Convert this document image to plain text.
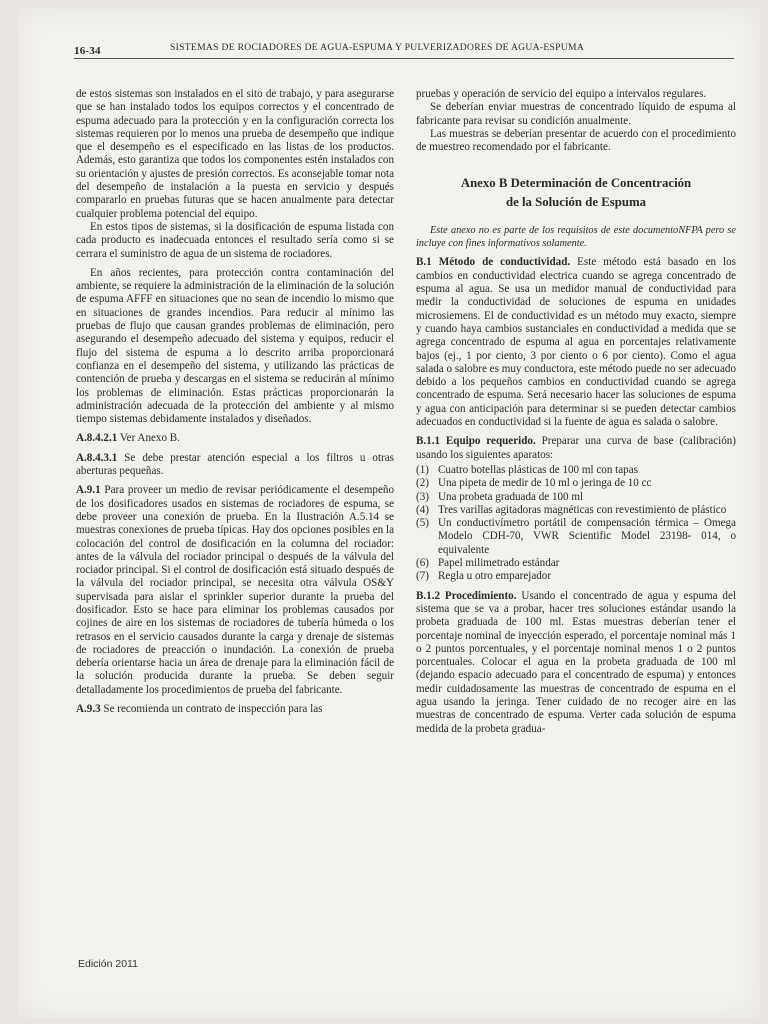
16-34	SISTEMAS DE ROCIADORES DE AGUA-ESPUMA Y PULVERIZADORES DE AGUA-ESPUMA

de estos sistemas son instalados en el sito de trabajo, y para asegurarse que se han instalado todos los equipos correctos y el concentrado de espuma adecuado para la protección y en la configuración correcta los sistemas requieren por lo menos una prueba de desempeño que indique que el desempeño es el especificado en las listas de los productos. Además, esto garantiza que todos los componentes estén instalados con su orientación y ajustes de presión correctos. Es aconsejable tomar nota del desempeño de instalación a la puesta en servicio y después compararlo en pruebas futuras que se hacen anualmente para detectar cualquier problema potencial del equipo.

En estos tipos de sistemas, si la dosificación de espuma listada con cada producto es inadecuada entonces el resultado sería como si se cerrara el suministro de agua de un sistema de rociadores.

En años recientes, para protección contra contaminación del ambiente, se requiere la administración de la eliminación de la solución de espuma AFFF en situaciones que no sean de incendio lo mismo que en situaciones de grandes incendios. Para reducir al mínimo las pruebas de flujo que causan grandes problemas de eliminación, pero asegurando el desempeño adecuado del sistema y equipos, reducir el flujo del sistema de espuma a lo descrito arriba proporcionará confianza en el desempeño del sistema, y utilizando las prácticas de contención de prueba y descargas en el sistema se reducirán al mínimo los problemas de eliminación. Estas prácticas proporcionarán la administración adecuada de la protección del ambiente y al mismo tiempo sistemas debidamente instalados y diseñados.

A.8.4.2.1 Ver Anexo B.

A.8.4.3.1 Se debe prestar atención especial a los filtros u otras aberturas pequeñas.

A.9.1 Para proveer un medio de revisar periódicamente el desempeño de los dosificadores usados en sistemas de rociadores de espuma, se debe proveer una conexión de prueba. En la Ilustración A.5.14 se muestras conexiones de prueba típicas. Hay dos opciones posibles en la colocación del control de dosificación en la columna del rociador: antes de la válvula del rociador principal o después de la válvula del rociador principal. Si el control de dosificación está situado después de la válvula del rociador principal, se necesita otra válvula OS&Y supervisada para aislar el sprinkler superior durante la prueba del dosificador. Esto se hace para eliminar los problemas causados por cojines de aire en los sistemas de rociadores de tubería húmeda o los retrasos en el servicio causados durante la carga y drenaje de sistemas de rociadores de preacción o inundación. La conexión de prueba debería orientarse hacia un área de drenaje para la eliminación fácil de la solución producida durante la prueba. Se deben seguir detalladamente los procedimientos de prueba del fabricante.

A.9.3 Se recomienda un contrato de inspección para las

pruebas y operación de servicio del equipo a intervalos regulares.

Se deberían enviar muestras de concentrado líquido de espuma al fabricante para revisar su condición anualmente.

Las muestras se deberían presentar de acuerdo con el procedimiento de muestreo recomendado por el fabricante.

Anexo B Determinación de Concentración
de la Solución de Espuma

Este anexo no es parte de los requisitos de este documentoNFPA pero se incluye con fines informativos solamente.

B.1 Método de conductividad. Este método está basado en los cambios en conductividad electrica cuando se agrega concentrado de espuma al agua. Se usa un medidor manual de conductividad para medir la conductividad de soluciones de espuma en unidades microsiemens. El de conductividad es un método muy exacto, siempre y cuando haya cambios sustanciales en conductividad a medida que se agrega concentrado de espuma al agua en porcentajes relativamente bajos (ej., 1 por ciento, 3 por ciento o 6 por ciento). Como el agua salada o salobre es muy conductora, este método puede no ser adecuado debido a los pequeños cambios en conductividad cuando se agrega concentrado de espuma. Será necesario hacer las soluciones de espuma y agua con anticipación para determinar si se pueden detectar cambios adecuados en conductividad si la fuente de agua es salada o salobre.

B.1.1 Equipo requerido. Preparar una curva de base (calibración) usando los siguientes aparatos:

(1) Cuatro botellas plásticas de 100 ml con tapas
(2) Una pipeta de medir de 10 ml o jeringa de 10 cc
(3) Una probeta graduada de 100 ml
(4) Tres varillas agitadoras magnéticas con revestimiento de plástico
(5) Un conductivímetro portátil de compensación térmica – Omega Modelo CDH-70, VWR Scientific Model 23198- 014, o equivalente
(6) Papel milimetrado estándar
(7) Regla u otro emparejador

B.1.2 Procedimiento. Usando el concentrado de agua y espuma del sistema que se va a probar, hacer tres soluciones estándar usando la probeta graduada de 100 ml. Estas muestras deberían tener el porcentaje nominal de inyección esperado, el porcentaje nominal más 1 o 2 puntos porcentuales, y el porcentaje nominal menos 1 o 2 puntos porcentuales. Colocar el agua en la probeta graduada de 100 ml (dejando espacio adecuado para el concentrado de espuma) y entonces medir cuidadosamente las muestras de concentrado de espuma en el agua usando la jeringa. Tener cuidado de no recoger aire en las muestras de concentrado de espuma. Verter cada solución de espuma medida de la probeta gradua-

Edición 2011
